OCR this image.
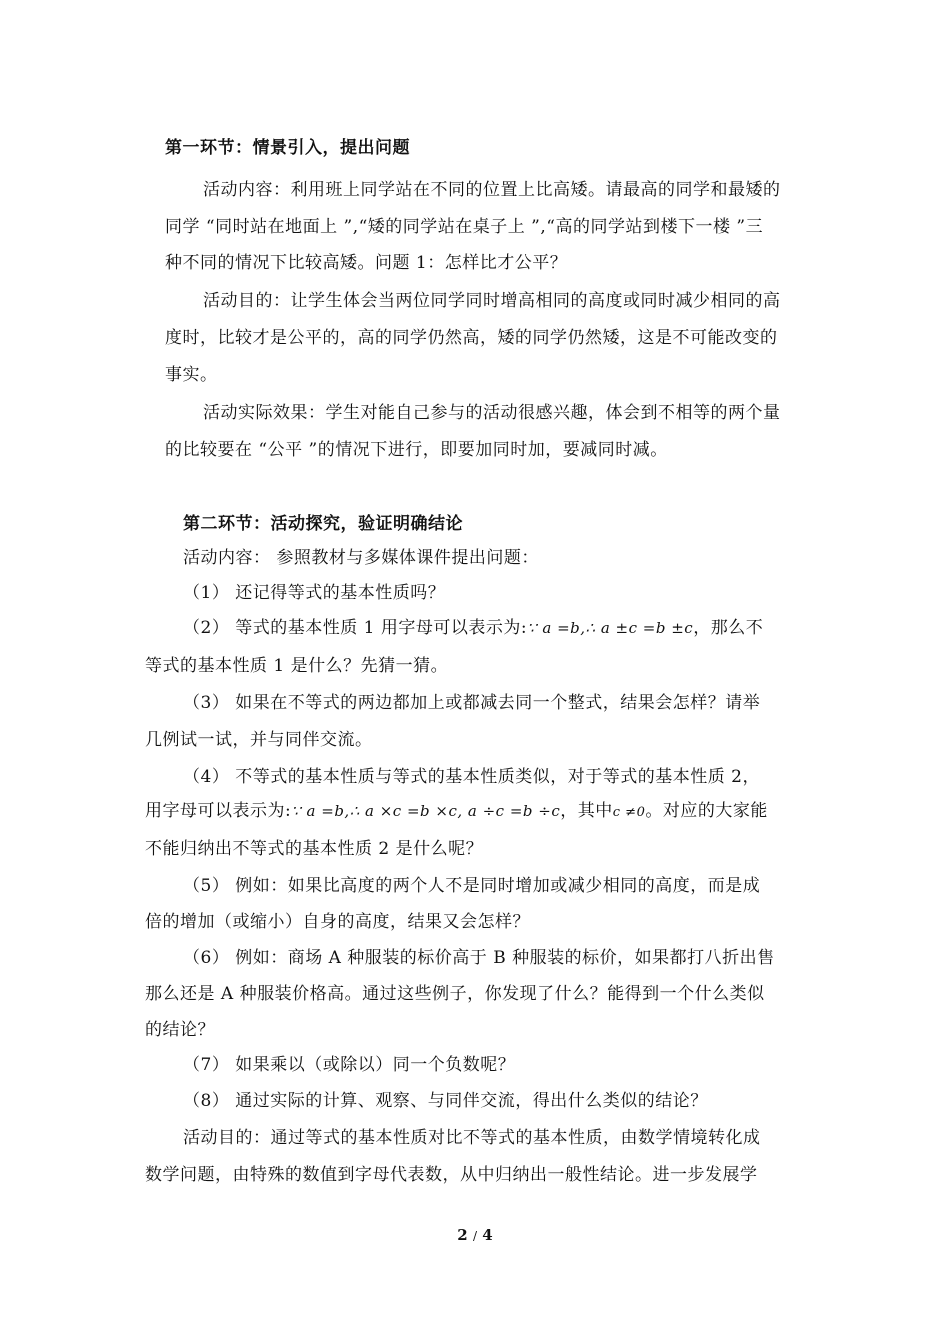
第一环节：情景引入，提出问题
活动内容：利用班上同学站在不同的位置上比高矮。请最高的同学和最矮的
同学 “同时站在地面上 ”,“矮的同学站在桌子上 ”,“高的同学站到楼下一楼 ”三
种不同的情况下比较高矮。问题 1：怎样比才公平？
活动目的：让学生体会当两位同学同时增高相同的高度或同时减少相同的高
度时，比较才是公平的，高的同学仍然高，矮的同学仍然矮，这是不可能改变的
事实。
活动实际效果：学生对能自己参与的活动很感兴趣，体会到不相等的两个量
的比较要在 “公平 ”的情况下进行，即要加同时加，要减同时减。
第二环节：活动探究，验证明确结论
活动内容： 参照教材与多媒体课件提出问题：
（1） 还记得等式的基本性质吗？
（2） 等式的基本性质 1 用字母可以表示为:∵ a =b,∴ a ±c =b ±c，那么不
等式的基本性质 1 是什么？先猜一猜。
（3） 如果在不等式的两边都加上或都减去同一个整式，结果会怎样？请举
几例试一试，并与同伴交流。
（4） 不等式的基本性质与等式的基本性质类似，对于等式的基本性质 2，
用字母可以表示为:∵ a =b,∴ a ×c =b ×c, a ÷c =b ÷c，其中c ≠0。对应的大家能
不能归纳出不等式的基本性质 2 是什么呢？
（5） 例如：如果比高度的两个人不是同时增加或减少相同的高度，而是成
倍的增加（或缩小）自身的高度，结果又会怎样？
（6） 例如：商场 A 种服装的标价高于 B 种服装的标价，如果都打八折出售
那么还是 A 种服装价格高。通过这些例子，你发现了什么？能得到一个什么类似
的结论？
（7） 如果乘以（或除以）同一个负数呢？
（8） 通过实际的计算、观察、与同伴交流，得出什么类似的结论？
活动目的：通过等式的基本性质对比不等式的基本性质，由数学情境转化成
数学问题，由特殊的数值到字母代表数，从中归纳出一般性结论。进一步发展学
2 / 4
